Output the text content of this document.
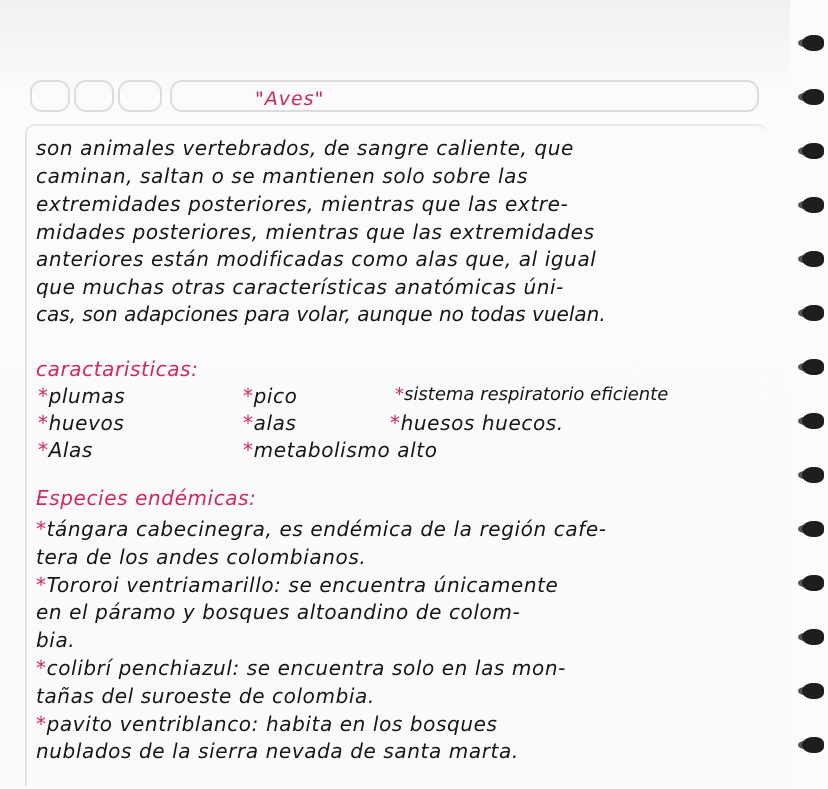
"Aves"
son animales vertebrados, de sangre caliente, que
caminan, saltan o se mantienen solo sobre las
extremidades posteriores, mientras que las extre-
midades posteriores, mientras que las extremidades
anteriores están modificadas como alas que, al igual
que muchas otras características anatómicas úni-
cas, son adapciones para volar, aunque no todas vuelan.
caractaristicas:
*plumas	*pico	*sistema respiratorio eficiente
*huevos	*alas	*huesos huecos.
*Alas	*metabolismo alto
Especies endémicas:
*tángara cabecinegra, es endémica de la región cafe-
tera de los andes colombianos.
*Tororoi ventriamarillo: se encuentra únicamente
en el páramo y bosques altoandino de colom-
bia.
*colibrí penchiazul: se encuentra solo en las mon-
tañas del suroeste de colombia.
*pavito ventriblanco: habita en los bosques
nublados de la sierra nevada de santa marta.
